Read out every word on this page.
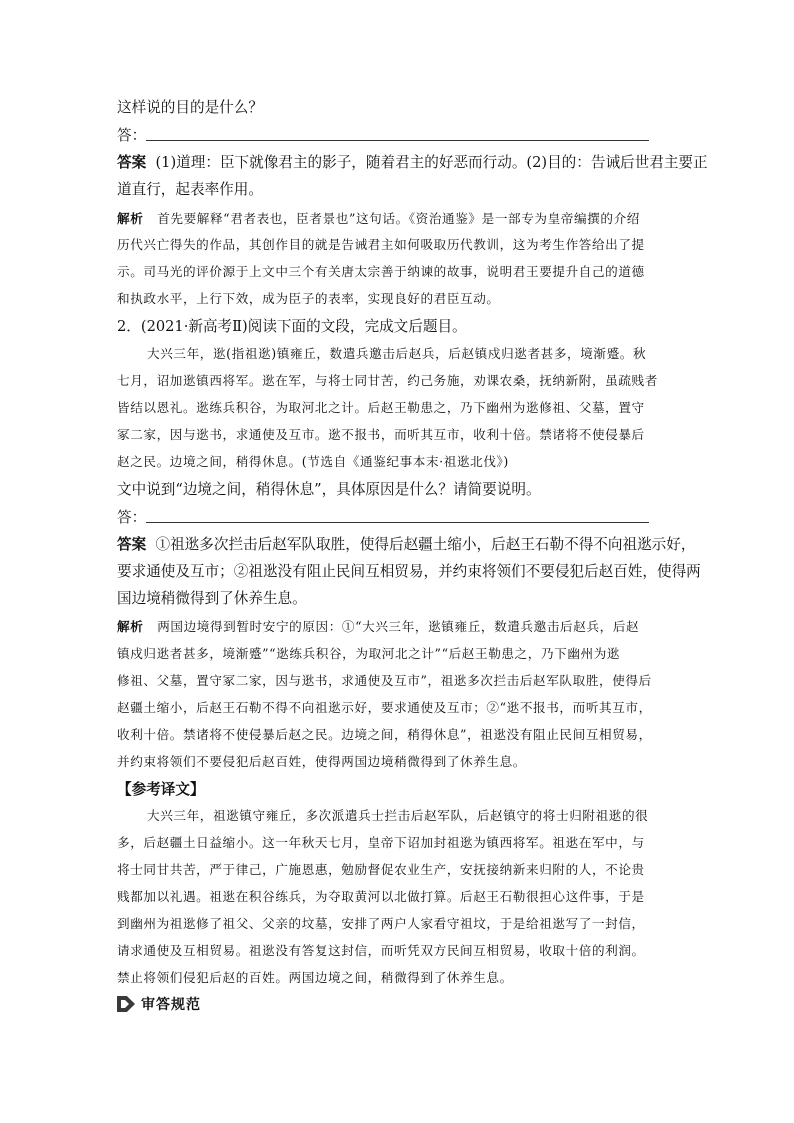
这样说的目的是什么？
答：
答案 (1)道理：臣下就像君主的影子，随着君主的好恶而行动。(2)目的：告诫后世君主要正
道直行，起表率作用。
解析 首先要解释“君者表也，臣者景也”这句话。《资治通鉴》是一部专为皇帝编撰的介绍
历代兴亡得失的作品，其创作目的就是告诫君主如何吸取历代教训，这为考生作答给出了提
示。司马光的评价源于上文中三个有关唐太宗善于纳谏的故事，说明君王要提升自己的道德
和执政水平，上行下效，成为臣子的表率，实现良好的君臣互动。
2．(2021·新高考Ⅱ)阅读下面的文段，完成文后题目。
大兴三年，逖(指祖逖)镇雍丘，数遣兵邀击后赵兵，后赵镇戍归逖者甚多，境渐蹙。秋
七月，诏加逖镇西将军。逖在军，与将士同甘苦，约己务施，劝课农桑，抚纳新附，虽疏贱者
皆结以恩礼。逖练兵积谷，为取河北之计。后赵王勒患之，乃下幽州为逖修祖、父墓，置守
冢二家，因与逖书，求通使及互市。逖不报书，而听其互市，收利十倍。禁诸将不使侵暴后
赵之民。边境之间，稍得休息。(节选自《通鉴纪事本末·祖逖北伐》)
文中说到“边境之间，稍得休息”，具体原因是什么？请简要说明。
答：
答案 ①祖逖多次拦击后赵军队取胜，使得后赵疆土缩小，后赵王石勒不得不向祖逖示好，
要求通使及互市；②祖逖没有阻止民间互相贸易，并约束将领们不要侵犯后赵百姓，使得两
国边境稍微得到了休养生息。
解析 两国边境得到暂时安宁的原因：①“大兴三年，逖镇雍丘，数遣兵邀击后赵兵，后赵
镇戍归逖者甚多，境渐蹙”“逖练兵积谷，为取河北之计”“后赵王勒患之，乃下幽州为逖
修祖、父墓，置守冢二家，因与逖书，求通使及互市”，祖逖多次拦击后赵军队取胜，使得后
赵疆土缩小，后赵王石勒不得不向祖逖示好，要求通使及互市；②“逖不报书，而听其互市，
收利十倍。禁诸将不使侵暴后赵之民。边境之间，稍得休息”，祖逖没有阻止民间互相贸易，
并约束将领们不要侵犯后赵百姓，使得两国边境稍微得到了休养生息。
【参考译文】
大兴三年，祖逖镇守雍丘，多次派遣兵士拦击后赵军队，后赵镇守的将士归附祖逖的很
多，后赵疆土日益缩小。这一年秋天七月，皇帝下诏加封祖逖为镇西将军。祖逖在军中，与
将士同甘共苦，严于律己，广施恩惠，勉励督促农业生产，安抚接纳新来归附的人，不论贵
贱都加以礼遇。祖逖在积谷练兵，为夺取黄河以北做打算。后赵王石勒很担心这件事，于是
到幽州为祖逖修了祖父、父亲的坟墓，安排了两户人家看守祖坟，于是给祖逖写了一封信，
请求通使及互相贸易。祖逖没有答复这封信，而听凭双方民间互相贸易，收取十倍的利润。
禁止将领们侵犯后赵的百姓。两国边境之间，稍微得到了休养生息。
审答规范
